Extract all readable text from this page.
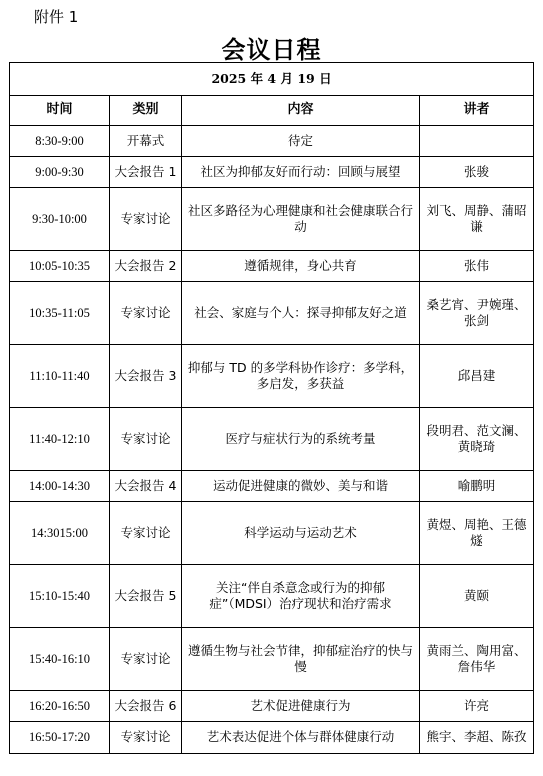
附件 1
会议日程
2025 年 4 月 19 日			
时间	类别	内容	讲者
8:30-9:00	开幕式	待定	
9:00-9:30	大会报告 1	社区为抑郁友好而行动：回顾与展望	张骏
9:30-10:00	专家讨论	社区多路径为心理健康和社会健康联合行动	刘飞、周静、蒲昭谦
10:05-10:35	大会报告 2	遵循规律，身心共育	张伟
10:35-11:05	专家讨论	社会、家庭与个人：探寻抑郁友好之道	桑艺宵、尹婉瑾、张剑
11:10-11:40	大会报告 3	抑郁与 TD 的多学科协作诊疗：多学科，多启发，多获益	邱昌建
11:40-12:10	专家讨论	医疗与症状行为的系统考量	段明君、范文澜、黄晓琦
14:00-14:30	大会报告 4	运动促进健康的微妙、美与和谐	喻鹏明
14:3015:00	专家讨论	科学运动与运动艺术	黄煜、周艳、王德燧
15:10-15:40	大会报告 5	关注“伴自杀意念或行为的抑郁症”（MDSI）治疗现状和治疗需求	黄颐
15:40-16:10	专家讨论	遵循生物与社会节律，抑郁症治疗的快与慢	黄雨兰、陶用富、詹伟华
16:20-16:50	大会报告 6	艺术促进健康行为	许亮
16:50-17:20	专家讨论	艺术表达促进个体与群体健康行动	熊宇、李超、陈孜
